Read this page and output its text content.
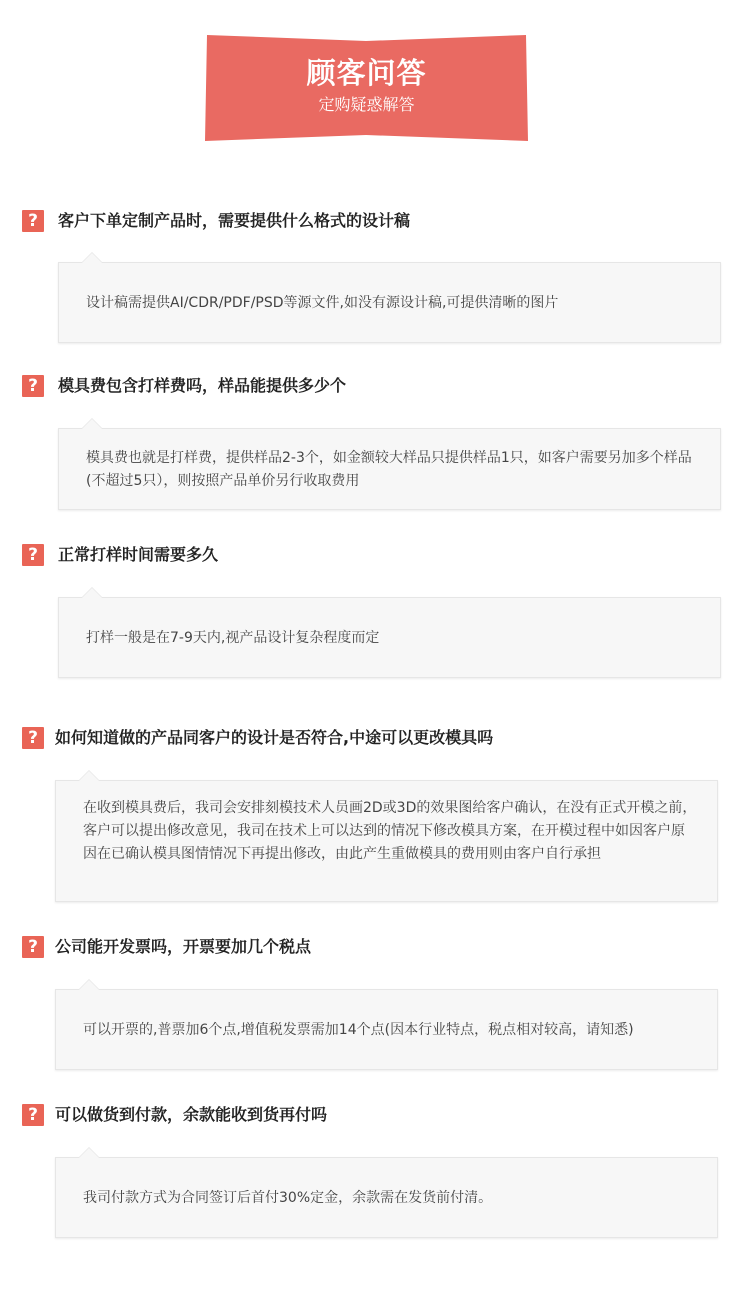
顾客问答
定购疑惑解答
?	客户下单定制产品时，需要提供什么格式的设计稿
设计稿需提供AI/CDR/PDF/PSD等源文件,如没有源设计稿,可提供清晰的图片
?	模具费包含打样费吗，样品能提供多少个
模具费也就是打样费，提供样品2-3个，如金额较大样品只提供样品1只，如客户需要另加多个样品(不超过5只），则按照产品单价另行收取费用
?	正常打样时间需要多久
打样一般是在7-9天内,视产品设计复杂程度而定
?	如何知道做的产品同客户的设计是否符合,中途可以更改模具吗
在收到模具费后，我司会安排刻模技术人员画2D或3D的效果图给客户确认，在没有正式开模之前，客户可以提出修改意见，我司在技术上可以达到的情况下修改模具方案，在开模过程中如因客户原因在已确认模具图情情况下再提出修改，由此产生重做模具的费用则由客户自行承担
?	公司能开发票吗，开票要加几个税点
可以开票的,普票加6个点,增值税发票需加14个点(因本行业特点，税点相对较高，请知悉)
?	可以做货到付款，余款能收到货再付吗
我司付款方式为合同签订后首付30%定金，余款需在发货前付清。
